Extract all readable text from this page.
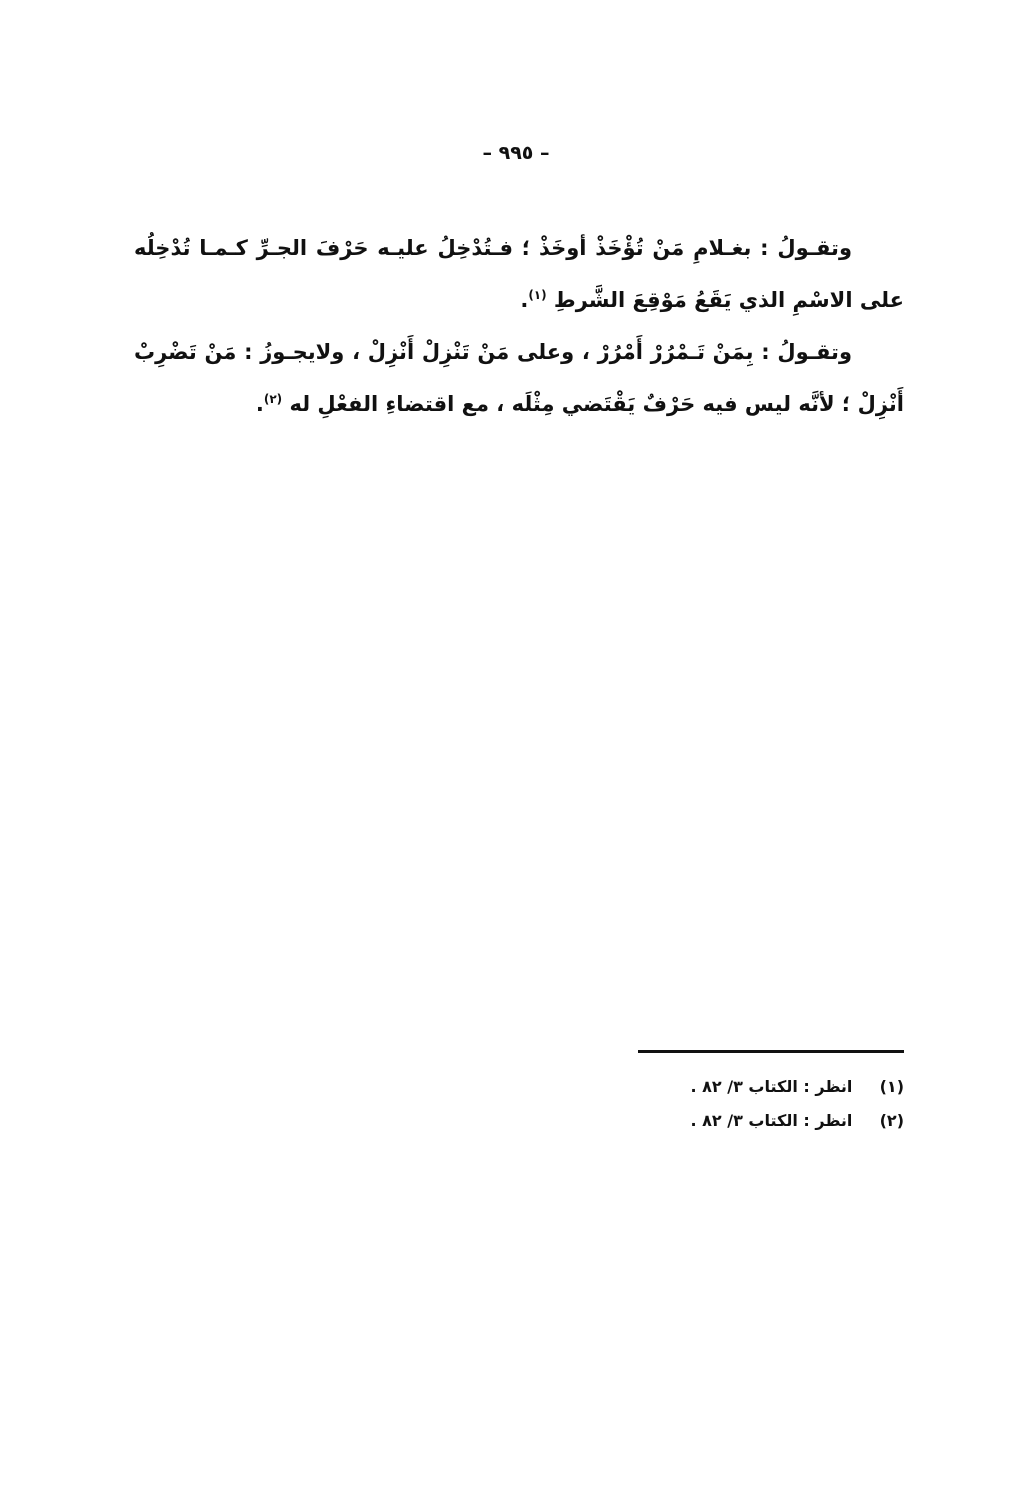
– ٩٩٥ –

وتقـولُ : بغـلامِ مَنْ تُؤْخَذْ أوخَذْ ؛ فـتُدْخِلُ عليـه حَرْفَ الجـرِّ كـمـا تُدْخِلُه على الاسْمِ الذي يَقَعُ مَوْقِعَ الشَّرطِ $^{(١)}$.

وتقـولُ : بِمَنْ تَـمْرُرْ أَمْرُرْ ، وعلى مَنْ تَنْزِلْ أَنْزِلْ ، ولايجـوزُ : مَنْ تَضْرِبْ أَنْزِلْ ؛ لأنَّه ليس فيه حَرْفٌ يَقْتَضي مِثْلَه ، مع اقتضاءِ الفعْلِ له $^{(٢)}$.

(١) انظر : الكتاب ٣/ ٨٢ .
(٢) انظر : الكتاب ٣/ ٨٢ .
